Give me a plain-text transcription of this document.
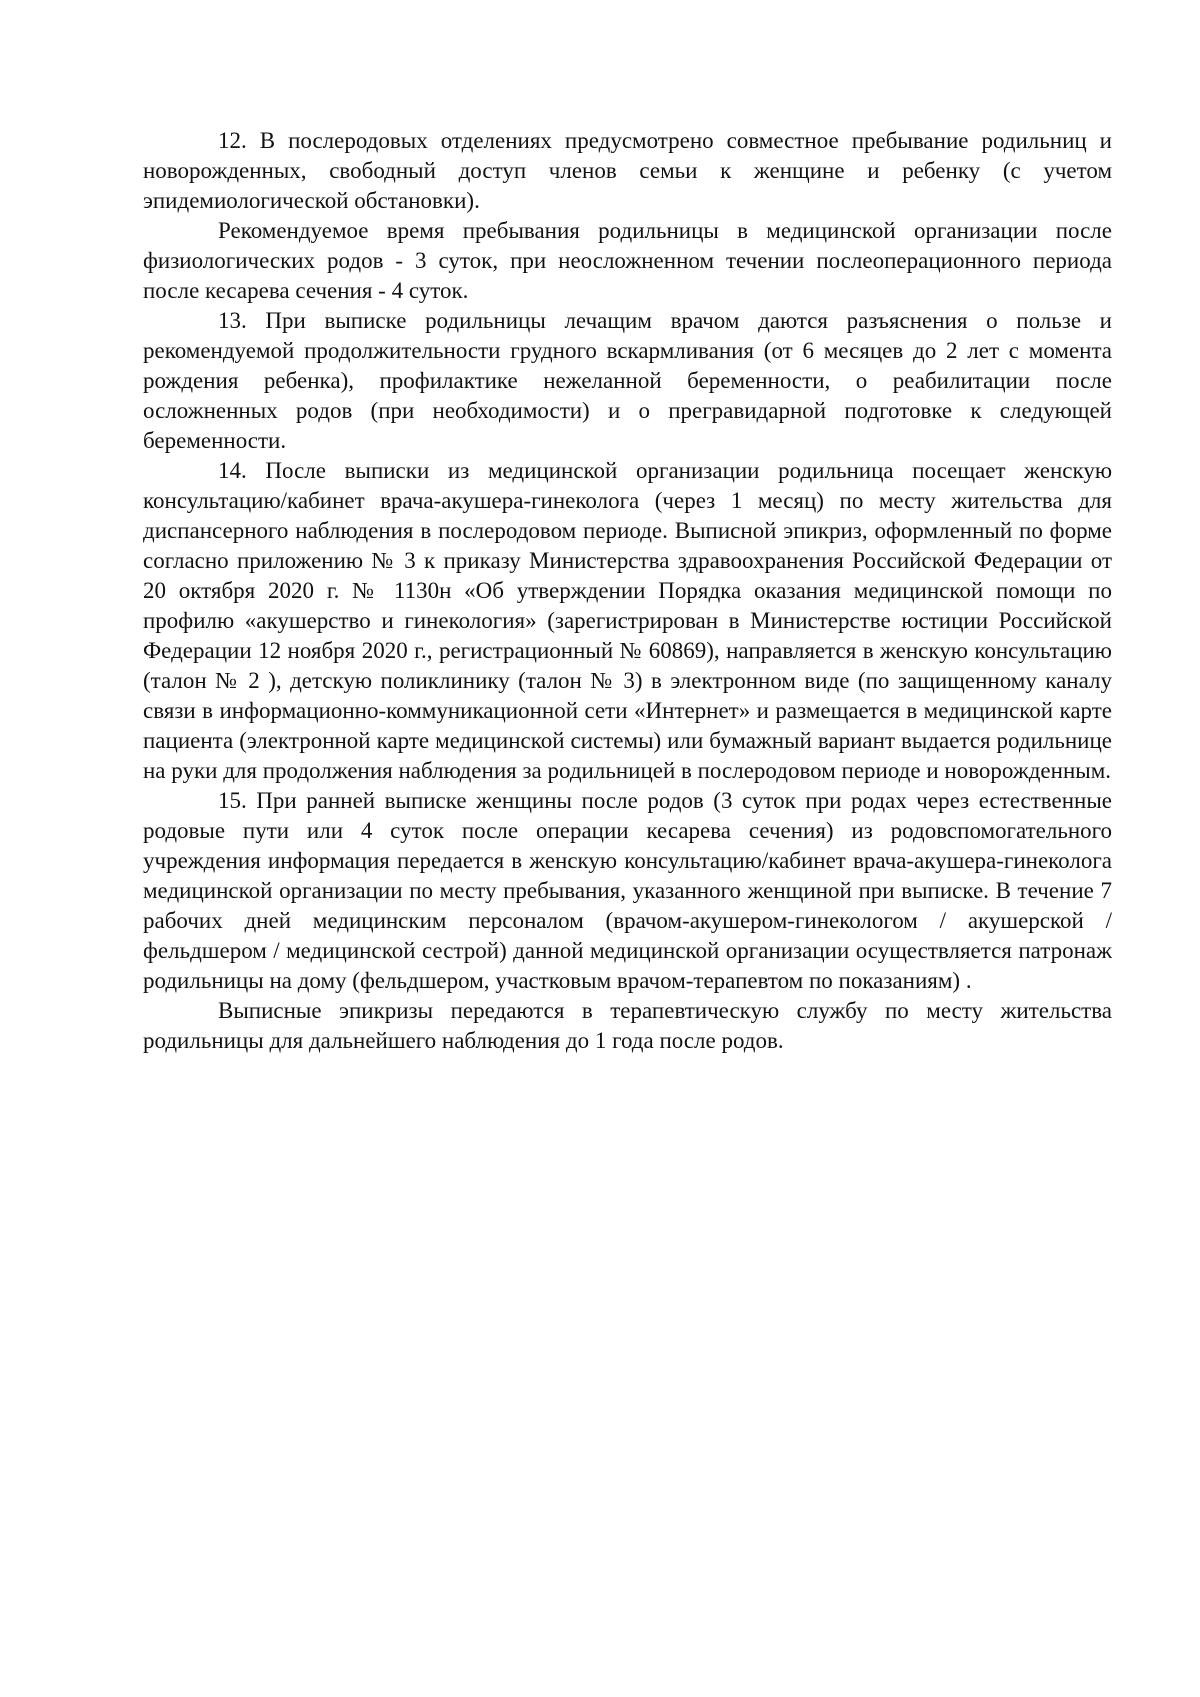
12. В послеродовых отделениях предусмотрено совместное пребывание родильниц и новорожденных, свободный доступ членов семьи к женщине и ребенку (с учетом эпидемиологической обстановки).

Рекомендуемое время пребывания родильницы в медицинской организации после физиологических родов - 3 суток, при неосложненном течении послеоперационного периода после кесарева сечения - 4 суток.

13. При выписке родильницы лечащим врачом даются разъяснения о пользе и рекомендуемой продолжительности грудного вскармливания (от 6 месяцев до 2 лет с момента рождения ребенка), профилактике нежеланной беременности, о реабилитации после осложненных родов (при необходимости) и о прегравидарной подготовке к следующей беременности.

14. После выписки из медицинской организации родильница посещает женскую консультацию/кабинет врача-акушера-гинеколога (через 1 месяц) по месту жительства для диспансерного наблюдения в послеродовом периоде. Выписной эпикриз, оформленный по форме согласно приложению № 3 к приказу Министерства здравоохранения Российской Федерации от 20 октября 2020 г. № 1130н «Об утверждении Порядка оказания медицинской помощи по профилю «акушерство и гинекология» (зарегистрирован в Министерстве юстиции Российской Федерации 12 ноября 2020 г., регистрационный № 60869), направляется в женскую консультацию (талон № 2 ), детскую поликлинику (талон № 3) в электронном виде (по защищенному каналу связи в информационно-коммуникационной сети «Интернет» и размещается в медицинской карте пациента (электронной карте медицинской системы) или бумажный вариант выдается родильнице на руки для продолжения наблюдения за родильницей в послеродовом периоде и новорожденным.

15. При ранней выписке женщины после родов (3 суток при родах через естественные родовые пути или 4 суток после операции кесарева сечения) из родовспомогательного учреждения информация передается в женскую консультацию/кабинет врача-акушера-гинеколога медицинской организации по месту пребывания, указанного женщиной при выписке. В течение 7 рабочих дней медицинским персоналом (врачом-акушером-гинекологом / акушерской / фельдшером / медицинской сестрой) данной медицинской организации осуществляется патронаж родильницы на дому (фельдшером, участковым врачом-терапевтом по показаниям) .

Выписные эпикризы передаются в терапевтическую службу по месту жительства родильницы для дальнейшего наблюдения до 1 года после родов.
